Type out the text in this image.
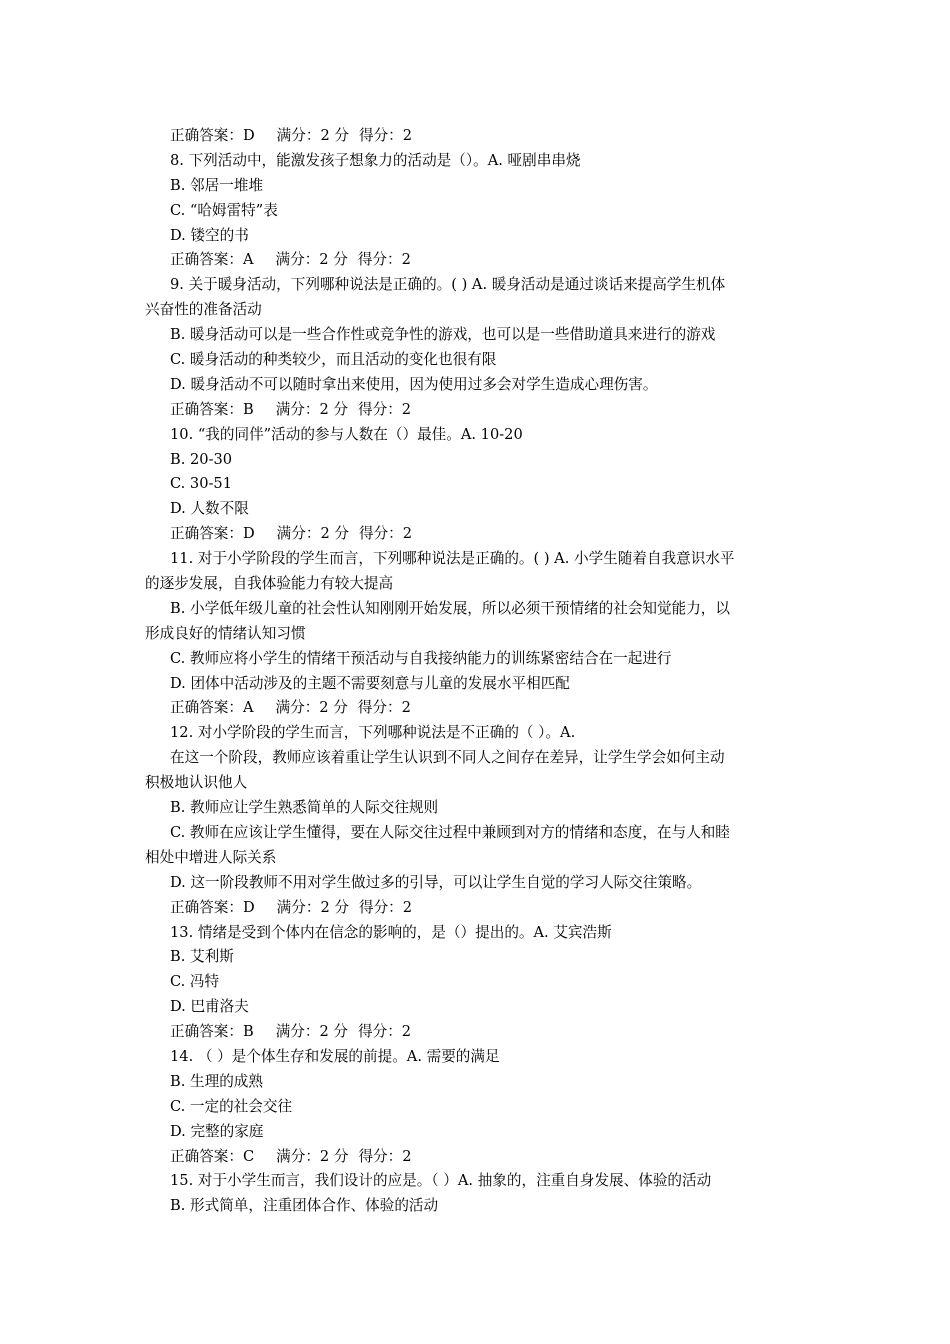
正确答案：D 满分：2 分 得分：2
8. 下列活动中，能激发孩子想象力的活动是（）。A. 哑剧串串烧
B. 邻居一堆堆
C. “哈姆雷特”表
D. 镂空的书
正确答案：A 满分：2 分 得分：2
9. 关于暖身活动，下列哪种说法是正确的。( ) A. 暖身活动是通过谈话来提高学生机体
兴奋性的准备活动
B. 暖身活动可以是一些合作性或竞争性的游戏，也可以是一些借助道具来进行的游戏
C. 暖身活动的种类较少，而且活动的变化也很有限
D. 暖身活动不可以随时拿出来使用，因为使用过多会对学生造成心理伤害。
正确答案：B 满分：2 分 得分：2
10. “我的同伴”活动的参与人数在（）最佳。A. 10-20
B. 20-30
C. 30-51
D. 人数不限
正确答案：D 满分：2 分 得分：2
11. 对于小学阶段的学生而言，下列哪种说法是正确的。( ) A. 小学生随着自我意识水平
的逐步发展，自我体验能力有较大提高
B. 小学低年级儿童的社会性认知刚刚开始发展，所以必须干预情绪的社会知觉能力，以
形成良好的情绪认知习惯
C. 教师应将小学生的情绪干预活动与自我接纳能力的训练紧密结合在一起进行
D. 团体中活动涉及的主题不需要刻意与儿童的发展水平相匹配
正确答案：A 满分：2 分 得分：2
12. 对小学阶段的学生而言，下列哪种说法是不正确的（ ）。A.
在这一个阶段，教师应该着重让学生认识到不同人之间存在差异，让学生学会如何主动
积极地认识他人
B. 教师应让学生熟悉简单的人际交往规则
C. 教师在应该让学生懂得，要在人际交往过程中兼顾到对方的情绪和态度，在与人和睦
相处中增进人际关系
D. 这一阶段教师不用对学生做过多的引导，可以让学生自觉的学习人际交往策略。
正确答案：D 满分：2 分 得分：2
13. 情绪是受到个体内在信念的影响的，是（）提出的。A. 艾宾浩斯
B. 艾利斯
C. 冯特
D. 巴甫洛夫
正确答案：B 满分：2 分 得分：2
14. （ ）是个体生存和发展的前提。A. 需要的满足
B. 生理的成熟
C. 一定的社会交往
D. 完整的家庭
正确答案：C 满分：2 分 得分：2
15. 对于小学生而言，我们设计的应是。（ ）A. 抽象的，注重自身发展、体验的活动
B. 形式简单，注重团体合作、体验的活动
